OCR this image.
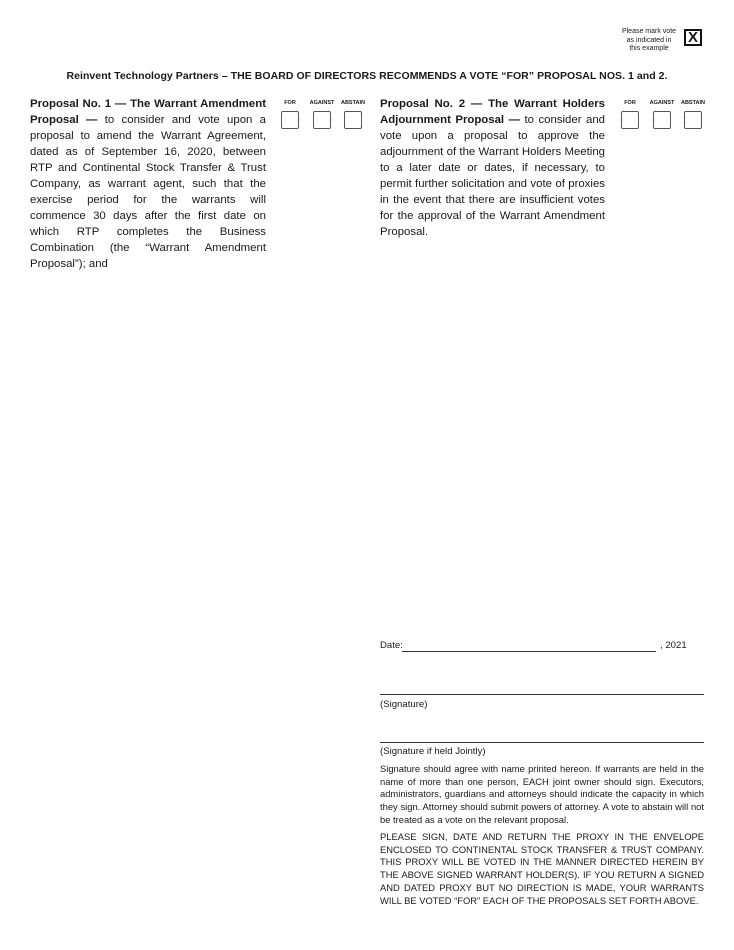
Please mark vote
as indicated in
this example
X
Reinvent Technology Partners – THE BOARD OF DIRECTORS RECOMMENDS A VOTE “FOR” PROPOSAL NOS. 1 and 2.
Proposal No. 1 — The Warrant Amendment Proposal — to consider and vote upon a proposal to amend the Warrant Agreement, dated as of September 16, 2020, between RTP and Continental Stock Transfer & Trust Company, as warrant agent, such that the exercise period for the warrants will commence 30 days after the first date on which RTP completes the Business Combination (the “Warrant Amendment Proposal”); and
FOR	AGAINST	ABSTAIN Proposal No. 2 — The Warrant Holders Adjournment Proposal — to consider and vote upon a proposal to approve the adjournment of the Warrant Holders Meeting to a later date or dates, if necessary, to permit further solicitation and vote of proxies in the event that there are insufficient votes for the approval of the Warrant Amendment Proposal.
FOR	AGAINST	ABSTAIN
Date:	, 2021
(Signature)
(Signature if held Jointly)
Signature should agree with name printed hereon. If warrants are held in the name of more than one person, EACH joint owner should sign. Executors, administrators, guardians and attorneys should indicate the capacity in which they sign. Attorney should submit powers of attorney. A vote to abstain will not be treated as a vote on the relevant proposal.
PLEASE SIGN, DATE AND RETURN THE PROXY IN THE ENVELOPE ENCLOSED TO CONTINENTAL STOCK TRANSFER & TRUST COMPANY. THIS PROXY WILL BE VOTED IN THE MANNER DIRECTED HEREIN BY THE ABOVE SIGNED WARRANT HOLDER(S). IF YOU RETURN A SIGNED AND DATED PROXY BUT NO DIRECTION IS MADE, YOUR WARRANTS WILL BE VOTED “FOR” EACH OF THE PROPOSALS SET FORTH ABOVE.
